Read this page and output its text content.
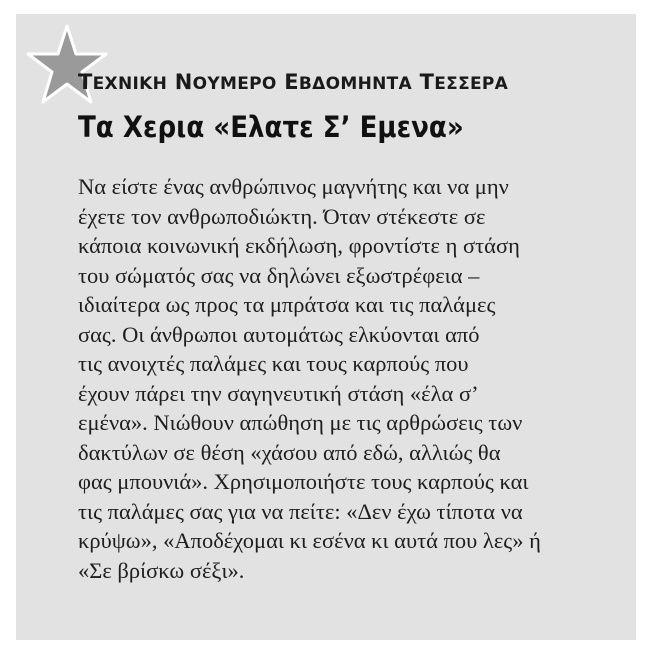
ΤΕΧΝΙΚΗ ΝΟΥΜΕΡΟ ΕΒΔΟΜΗΝΤΑ ΤΕΣΣΕΡΑ
Τα Χερια «Ελατε Σ’ Εμενα»
Να είστε ένας ανθρώπινος μαγνήτης και να μην
έχετε τον ανθρωποδιώκτη. Όταν στέκεστε σε
κάποια κοινωνική εκδήλωση, φροντίστε η στάση
του σώματός σας να δηλώνει εξωστρέφεια –
ιδιαίτερα ως προς τα μπράτσα και τις παλάμες
σας. Οι άνθρωποι αυτομάτως ελκύονται από
τις ανοιχτές παλάμες και τους καρπούς που
έχουν πάρει την σαγηνευτική στάση «έλα σ’
εμένα». Νιώθουν απώθηση με τις αρθρώσεις των
δακτύλων σε θέση «χάσου από εδώ, αλλιώς θα
φας μπουνιά». Χρησιμοποιήστε τους καρπούς και
τις παλάμες σας για να πείτε: «Δεν έχω τίποτα να
κρύψω», «Αποδέχομαι κι εσένα κι αυτά που λες» ή
«Σε βρίσκω σέξι».
